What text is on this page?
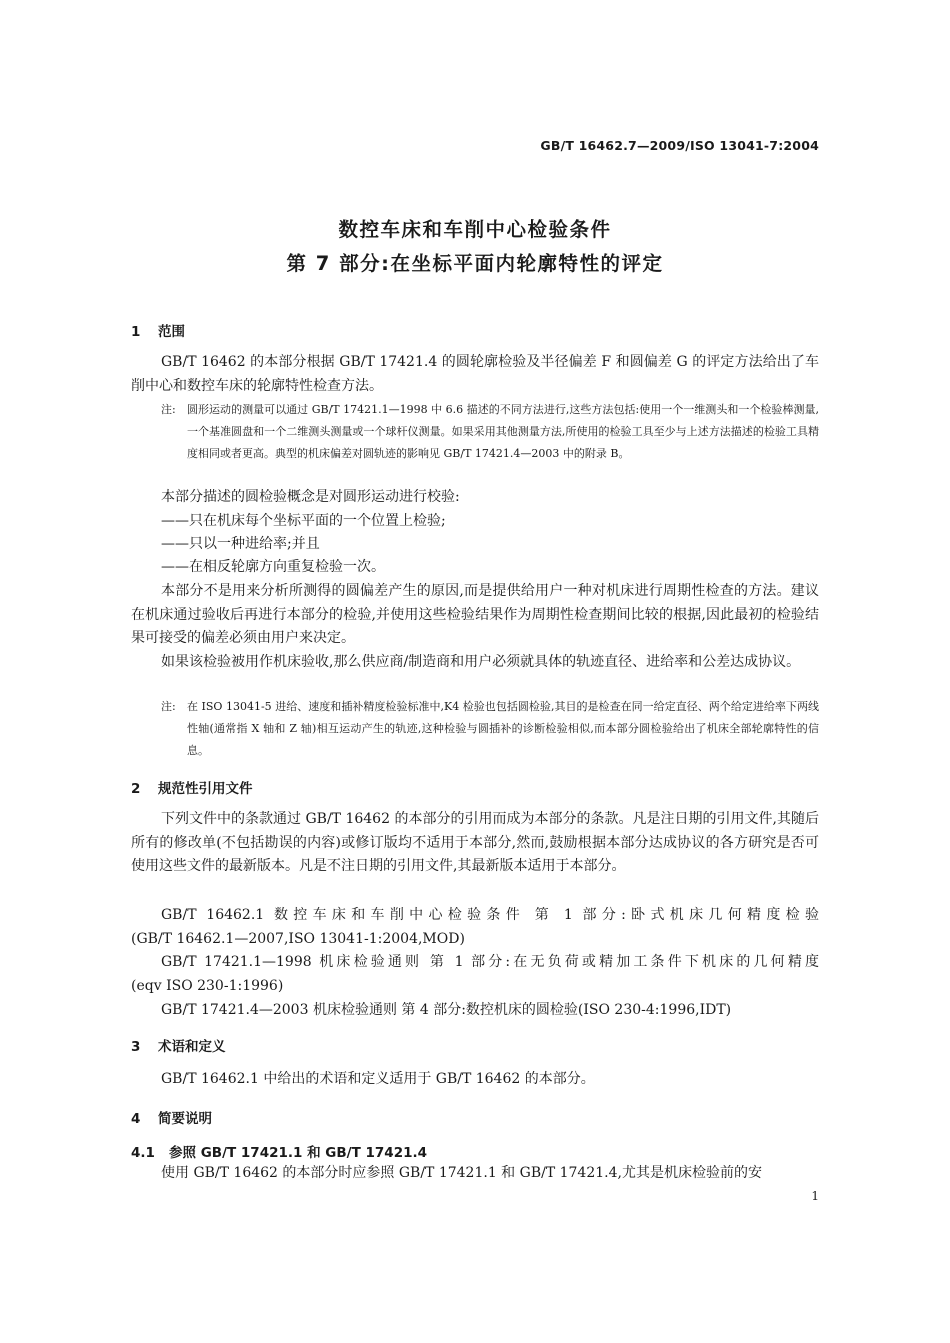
GB/T 16462.7—2009/ISO 13041-7:2004
数控车床和车削中心检验条件
第 7 部分:在坐标平面内轮廓特性的评定
1 范围
GB/T 16462 的本部分根据 GB/T 17421.4 的圆轮廓检验及半径偏差 F 和圆偏差 G 的评定方法给出了车削中心和数控车床的轮廓特性检查方法。
注: 圆形运动的测量可以通过 GB/T 17421.1—1998 中 6.6 描述的不同方法进行,这些方法包括:使用一个一维测头和一个检验棒测量,一个基准圆盘和一个二维测头测量或一个球杆仪测量。如果采用其他测量方法,所使用的检验工具至少与上述方法描述的检验工具精度相同或者更高。典型的机床偏差对圆轨迹的影响见 GB/T 17421.4—2003 中的附录 B。
本部分描述的圆检验概念是对圆形运动进行校验:
——只在机床每个坐标平面的一个位置上检验;
——只以一种进给率;并且
——在相反轮廓方向重复检验一次。
本部分不是用来分析所测得的圆偏差产生的原因,而是提供给用户一种对机床进行周期性检查的方法。建议在机床通过验收后再进行本部分的检验,并使用这些检验结果作为周期性检查期间比较的根据,因此最初的检验结果可接受的偏差必须由用户来决定。
如果该检验被用作机床验收,那么供应商/制造商和用户必须就具体的轨迹直径、进给率和公差达成协议。
注: 在 ISO 13041-5 进给、速度和插补精度检验标准中,K4 检验也包括圆检验,其目的是检查在同一给定直径、两个给定进给率下两线性轴(通常指 X 轴和 Z 轴)相互运动产生的轨迹,这种检验与圆插补的诊断检验相似,而本部分圆检验给出了机床全部轮廓特性的信息。
2 规范性引用文件
下列文件中的条款通过 GB/T 16462 的本部分的引用而成为本部分的条款。凡是注日期的引用文件,其随后所有的修改单(不包括勘误的内容)或修订版均不适用于本部分,然而,鼓励根据本部分达成协议的各方研究是否可使用这些文件的最新版本。凡是不注日期的引用文件,其最新版本适用于本部分。
GB/T 16462.1 数控车床和车削中心检验条件 第 1 部分:卧式机床几何精度检验
(GB/T 16462.1—2007,ISO 13041-1:2004,MOD)
GB/T 17421.1—1998 机床检验通则 第 1 部分:在无负荷或精加工条件下机床的几何精度
(eqv ISO 230-1:1996)
GB/T 17421.4—2003 机床检验通则 第 4 部分:数控机床的圆检验(ISO 230-4:1996,IDT)
3 术语和定义
GB/T 16462.1 中给出的术语和定义适用于 GB/T 16462 的本部分。
4 简要说明
4.1 参照 GB/T 17421.1 和 GB/T 17421.4
使用 GB/T 16462 的本部分时应参照 GB/T 17421.1 和 GB/T 17421.4,尤其是机床检验前的安
1
